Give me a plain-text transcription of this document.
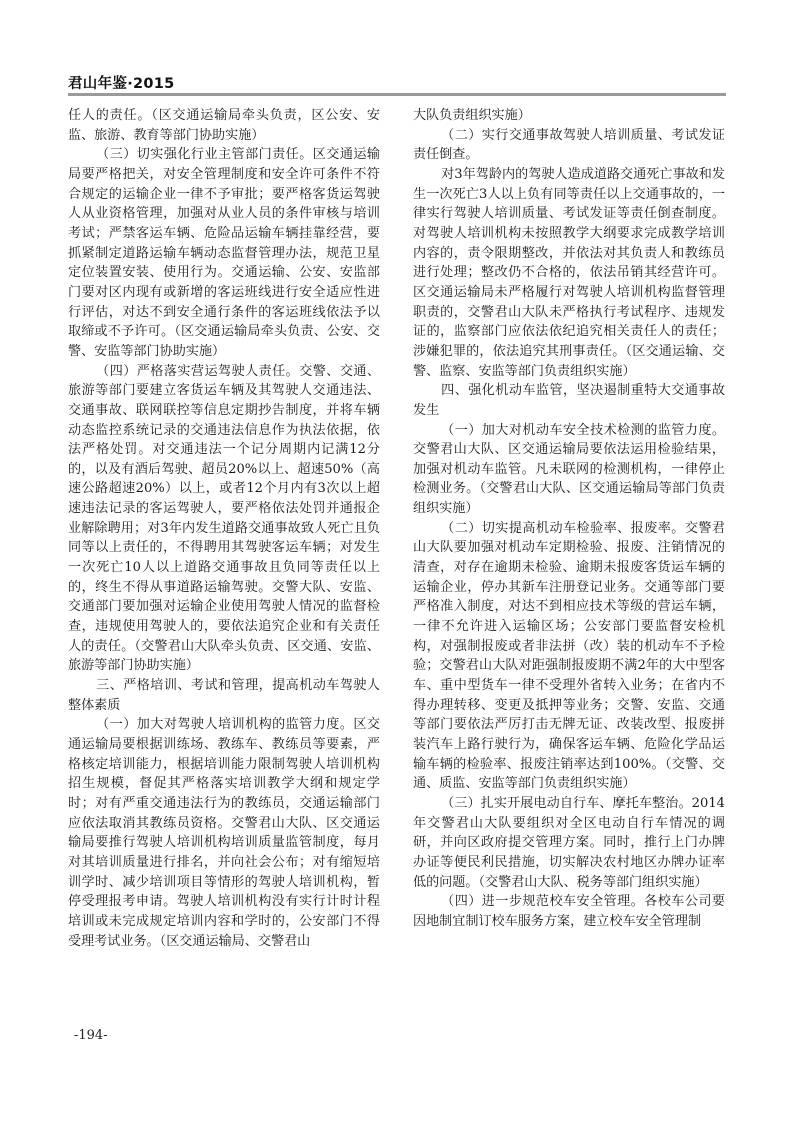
君山年鉴·2015

任人的责任。（区交通运输局牵头负责，区公安、安监、旅游、教育等部门协助实施）

（三）切实强化行业主管部门责任。区交通运输局要严格把关，对安全管理制度和安全许可条件不符合规定的运输企业一律不予审批；要严格客货运驾驶人从业资格管理，加强对从业人员的条件审核与培训考试；严禁客运车辆、危险品运输车辆挂靠经营，要抓紧制定道路运输车辆动态监督管理办法，规范卫星定位装置安装、使用行为。交通运输、公安、安监部门要对区内现有或新增的客运班线进行安全适应性进行评估，对达不到安全通行条件的客运班线依法予以取缔或不予许可。（区交通运输局牵头负责、公安、交警、安监等部门协助实施）

（四）严格落实营运驾驶人责任。交警、交通、旅游等部门要建立客货运车辆及其驾驶人交通违法、交通事故、联网联控等信息定期抄告制度，并将车辆动态监控系统记录的交通违法信息作为执法依据，依法严格处罚。对交通违法一个记分周期内记满12分的，以及有酒后驾驶、超员20%以上、超速50%（高速公路超速20%）以上，或者12个月内有3次以上超速违法记录的客运驾驶人，要严格依法处罚并通报企业解除聘用；对3年内发生道路交通事故致人死亡且负同等以上责任的，不得聘用其驾驶客运车辆；对发生一次死亡10人以上道路交通事故且负同等责任以上的，终生不得从事道路运输驾驶。交警大队、安监、交通部门要加强对运输企业使用驾驶人情况的监督检查，违规使用驾驶人的，要依法追究企业和有关责任人的责任。（交警君山大队牵头负责、区交通、安监、旅游等部门协助实施）

三、严格培训、考试和管理，提高机动车驾驶人整体素质

（一）加大对驾驶人培训机构的监管力度。区交通运输局要根据训练场、教练车、教练员等要素，严格核定培训能力，根据培训能力限制驾驶人培训机构招生规模，督促其严格落实培训教学大纲和规定学时；对有严重交通违法行为的教练员，交通运输部门应依法取消其教练员资格。交警君山大队、区交通运输局要推行驾驶人培训机构培训质量监管制度，每月对其培训质量进行排名，并向社会公布；对有缩短培训学时、减少培训项目等情形的驾驶人培训机构，暂停受理报考申请。驾驶人培训机构没有实行计时计程培训或未完成规定培训内容和学时的，公安部门不得受理考试业务。（区交通运输局、交警君山

大队负责组织实施）

（二）实行交通事故驾驶人培训质量、考试发证责任倒查。

对3年驾龄内的驾驶人造成道路交通死亡事故和发生一次死亡3人以上负有同等责任以上交通事故的，一律实行驾驶人培训质量、考试发证等责任倒查制度。对驾驶人培训机构未按照教学大纲要求完成教学培训内容的，责令限期整改，并依法对其负责人和教练员进行处理；整改仍不合格的，依法吊销其经营许可。区交通运输局未严格履行对驾驶人培训机构监督管理职责的，交警君山大队未严格执行考试程序、违规发证的，监察部门应依法依纪追究相关责任人的责任；涉嫌犯罪的，依法追究其刑事责任。（区交通运输、交警、监察、安监等部门负责组织实施）

四、强化机动车监管，坚决遏制重特大交通事故发生

（一）加大对机动车安全技术检测的监管力度。交警君山大队、区交通运输局要依法运用检验结果，加强对机动车监管。凡未联网的检测机构，一律停止检测业务。（交警君山大队、区交通运输局等部门负责组织实施）

（二）切实提高机动车检验率、报废率。交警君山大队要加强对机动车定期检验、报废、注销情况的清查，对存在逾期未检验、逾期未报废客货运车辆的运输企业，停办其新车注册登记业务。交通等部门要严格准入制度，对达不到相应技术等级的营运车辆，一律不允许进入运输区场；公安部门要监督安检机构，对强制报废或者非法拼（改）装的机动车不予检验；交警君山大队对距强制报废期不满2年的大中型客车、重中型货车一律不受理外省转入业务；在省内不得办理转移、变更及抵押等业务；交警、安监、交通等部门要依法严厉打击无牌无证、改装改型、报废拼装汽车上路行驶行为，确保客运车辆、危险化学品运输车辆的检验率、报废注销率达到100%。（交警、交通、质监、安监等部门负责组织实施）

（三）扎实开展电动自行车、摩托车整治。2014年交警君山大队要组织对全区电动自行车情况的调研，并向区政府提交管理方案。同时，推行上门办牌办证等便民利民措施，切实解决农村地区办牌办证率低的问题。（交警君山大队、税务等部门组织实施）

（四）进一步规范校车安全管理。各校车公司要因地制宜制订校车服务方案，建立校车安全管理制

-194-
